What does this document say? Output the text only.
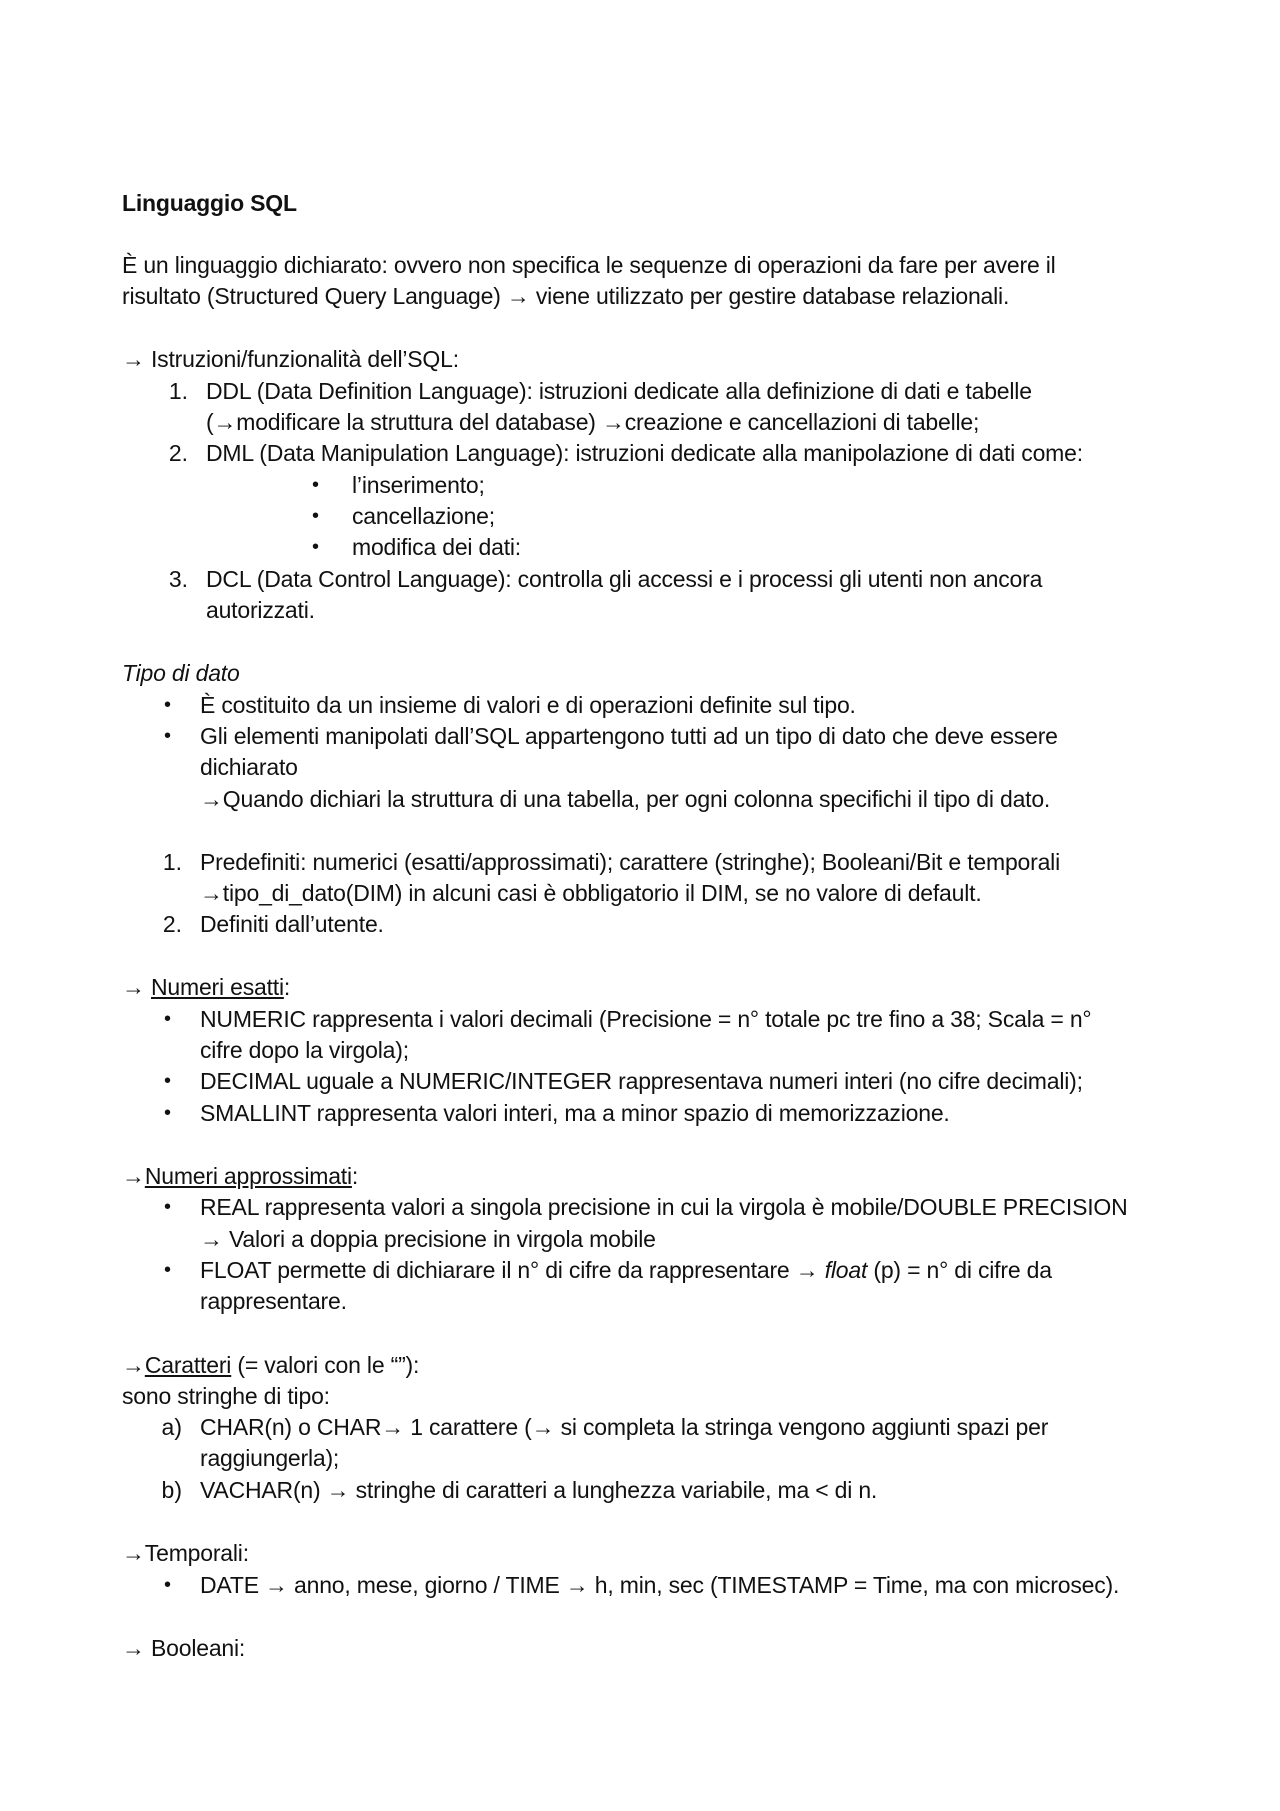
Linguaggio SQL
È un linguaggio dichiarato: ovvero non specifica le sequenze di operazioni da fare per avere il
risultato (Structured Query Language) → viene utilizzato per gestire database relazionali.
→ Istruzioni/funzionalità dell’SQL:
1. DDL (Data Definition Language): istruzioni dedicate alla definizione di dati e tabelle
(→modificare la struttura del database) →creazione e cancellazioni di tabelle;
2. DML (Data Manipulation Language): istruzioni dedicate alla manipolazione di dati come:
• l’inserimento;
• cancellazione;
• modifica dei dati:
3. DCL (Data Control Language): controlla gli accessi e i processi gli utenti non ancora
autorizzati.
Tipo di dato
• È costituito da un insieme di valori e di operazioni definite sul tipo.
• Gli elementi manipolati dall’SQL appartengono tutti ad un tipo di dato che deve essere
dichiarato
→Quando dichiari la struttura di una tabella, per ogni colonna specifichi il tipo di dato.
1. Predefiniti: numerici (esatti/approssimati); carattere (stringhe); Booleani/Bit e temporali
→tipo_di_dato(DIM) in alcuni casi è obbligatorio il DIM, se no valore di default.
2. Definiti dall’utente.
→ Numeri esatti:
• NUMERIC rappresenta i valori decimali (Precisione = n° totale pc tre fino a 38; Scala = n°
cifre dopo la virgola);
• DECIMAL uguale a NUMERIC/INTEGER rappresentava numeri interi (no cifre decimali);
• SMALLINT rappresenta valori interi, ma a minor spazio di memorizzazione.
→Numeri approssimati:
• REAL rappresenta valori a singola precisione in cui la virgola è mobile/DOUBLE PRECISION
→ Valori a doppia precisione in virgola mobile
• FLOAT permette di dichiarare il n° di cifre da rappresentare → float (p) = n° di cifre da
rappresentare.
→Caratteri (= valori con le “”):
sono stringhe di tipo:
a) CHAR(n) o CHAR→ 1 carattere (→ si completa la stringa vengono aggiunti spazi per
raggiungerla);
b) VACHAR(n) → stringhe di caratteri a lunghezza variabile, ma < di n.
→Temporali:
• DATE → anno, mese, giorno / TIME → h, min, sec (TIMESTAMP = Time, ma con microsec).
→ Booleani:
